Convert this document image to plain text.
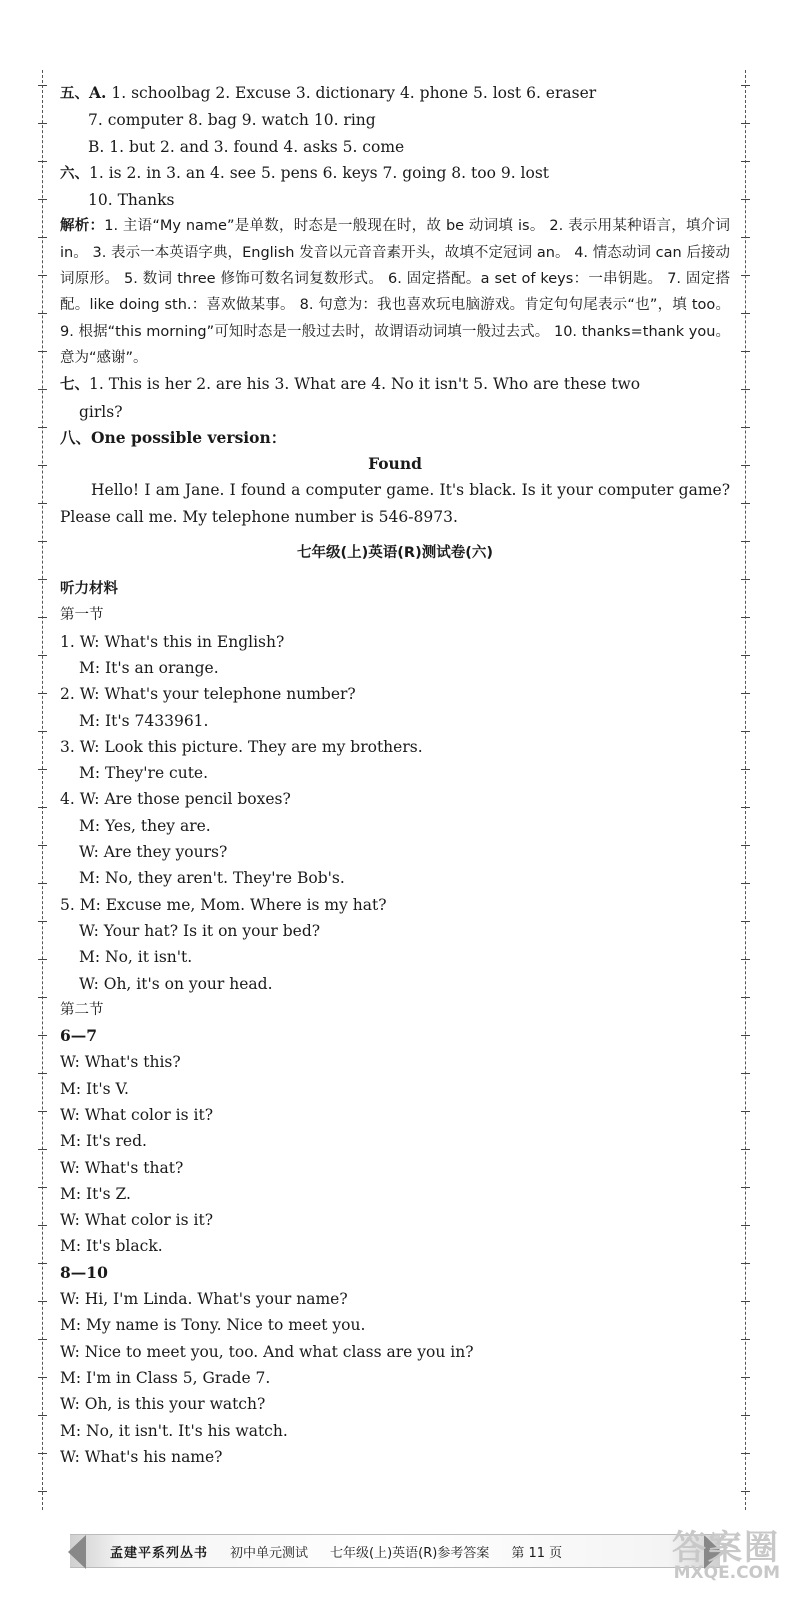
五、A. 1. schoolbag 2. Excuse 3. dictionary 4. phone 5. lost 6. eraser
7. computer 8. bag 9. watch 10. ring
B. 1. but 2. and 3. found 4. asks 5. come
六、1. is 2. in 3. an 4. see 5. pens 6. keys 7. going 8. too 9. lost
10. Thanks
解析：1. 主语“My name”是单数，时态是一般现在时，故 be 动词填 is。 2. 表示用某种语言，填介词 in。 3. 表示一本英语字典，English 发音以元音音素开头，故填不定冠词 an。 4. 情态动词 can 后接动词原形。 5. 数词 three 修饰可数名词复数形式。 6. 固定搭配。a set of keys：一串钥匙。 7. 固定搭配。like doing sth.：喜欢做某事。 8. 句意为：我也喜欢玩电脑游戏。肯定句句尾表示“也”，填 too。 9. 根据“this morning”可知时态是一般过去时，故谓语动词填一般过去式。 10. thanks=thank you。意为“感谢”。
七、1. This is her 2. are his 3. What are 4. No it isn't 5. Who are these two
girls?
八、One possible version：
Found
Hello! I am Jane. I found a computer game. It's black. Is it your computer game? Please call me. My telephone number is 546-8973.
七年级(上)英语(R)测试卷(六)
听力材料
第一节
1. W: What's this in English?
M: It's an orange.
2. W: What's your telephone number?
M: It's 7433961.
3. W: Look this picture. They are my brothers.
M: They're cute.
4. W: Are those pencil boxes?
M: Yes, they are.
W: Are they yours?
M: No, they aren't. They're Bob's.
5. M: Excuse me, Mom. Where is my hat?
W: Your hat? Is it on your bed?
M: No, it isn't.
W: Oh, it's on your head.
第二节
6—7
W: What's this?
M: It's V.
W: What color is it?
M: It's red.
W: What's that?
M: It's Z.
W: What color is it?
M: It's black.
8—10
W: Hi, I'm Linda. What's your name?
M: My name is Tony. Nice to meet you.
W: Nice to meet you, too. And what class are you in?
M: I'm in Class 5, Grade 7.
W: Oh, is this your watch?
M: No, it isn't. It's his watch.
W: What's his name?
孟建平系列丛书 初中单元测试 七年级(上)英语(R)参考答案 第 11 页	答案圈
MXQE.COM
